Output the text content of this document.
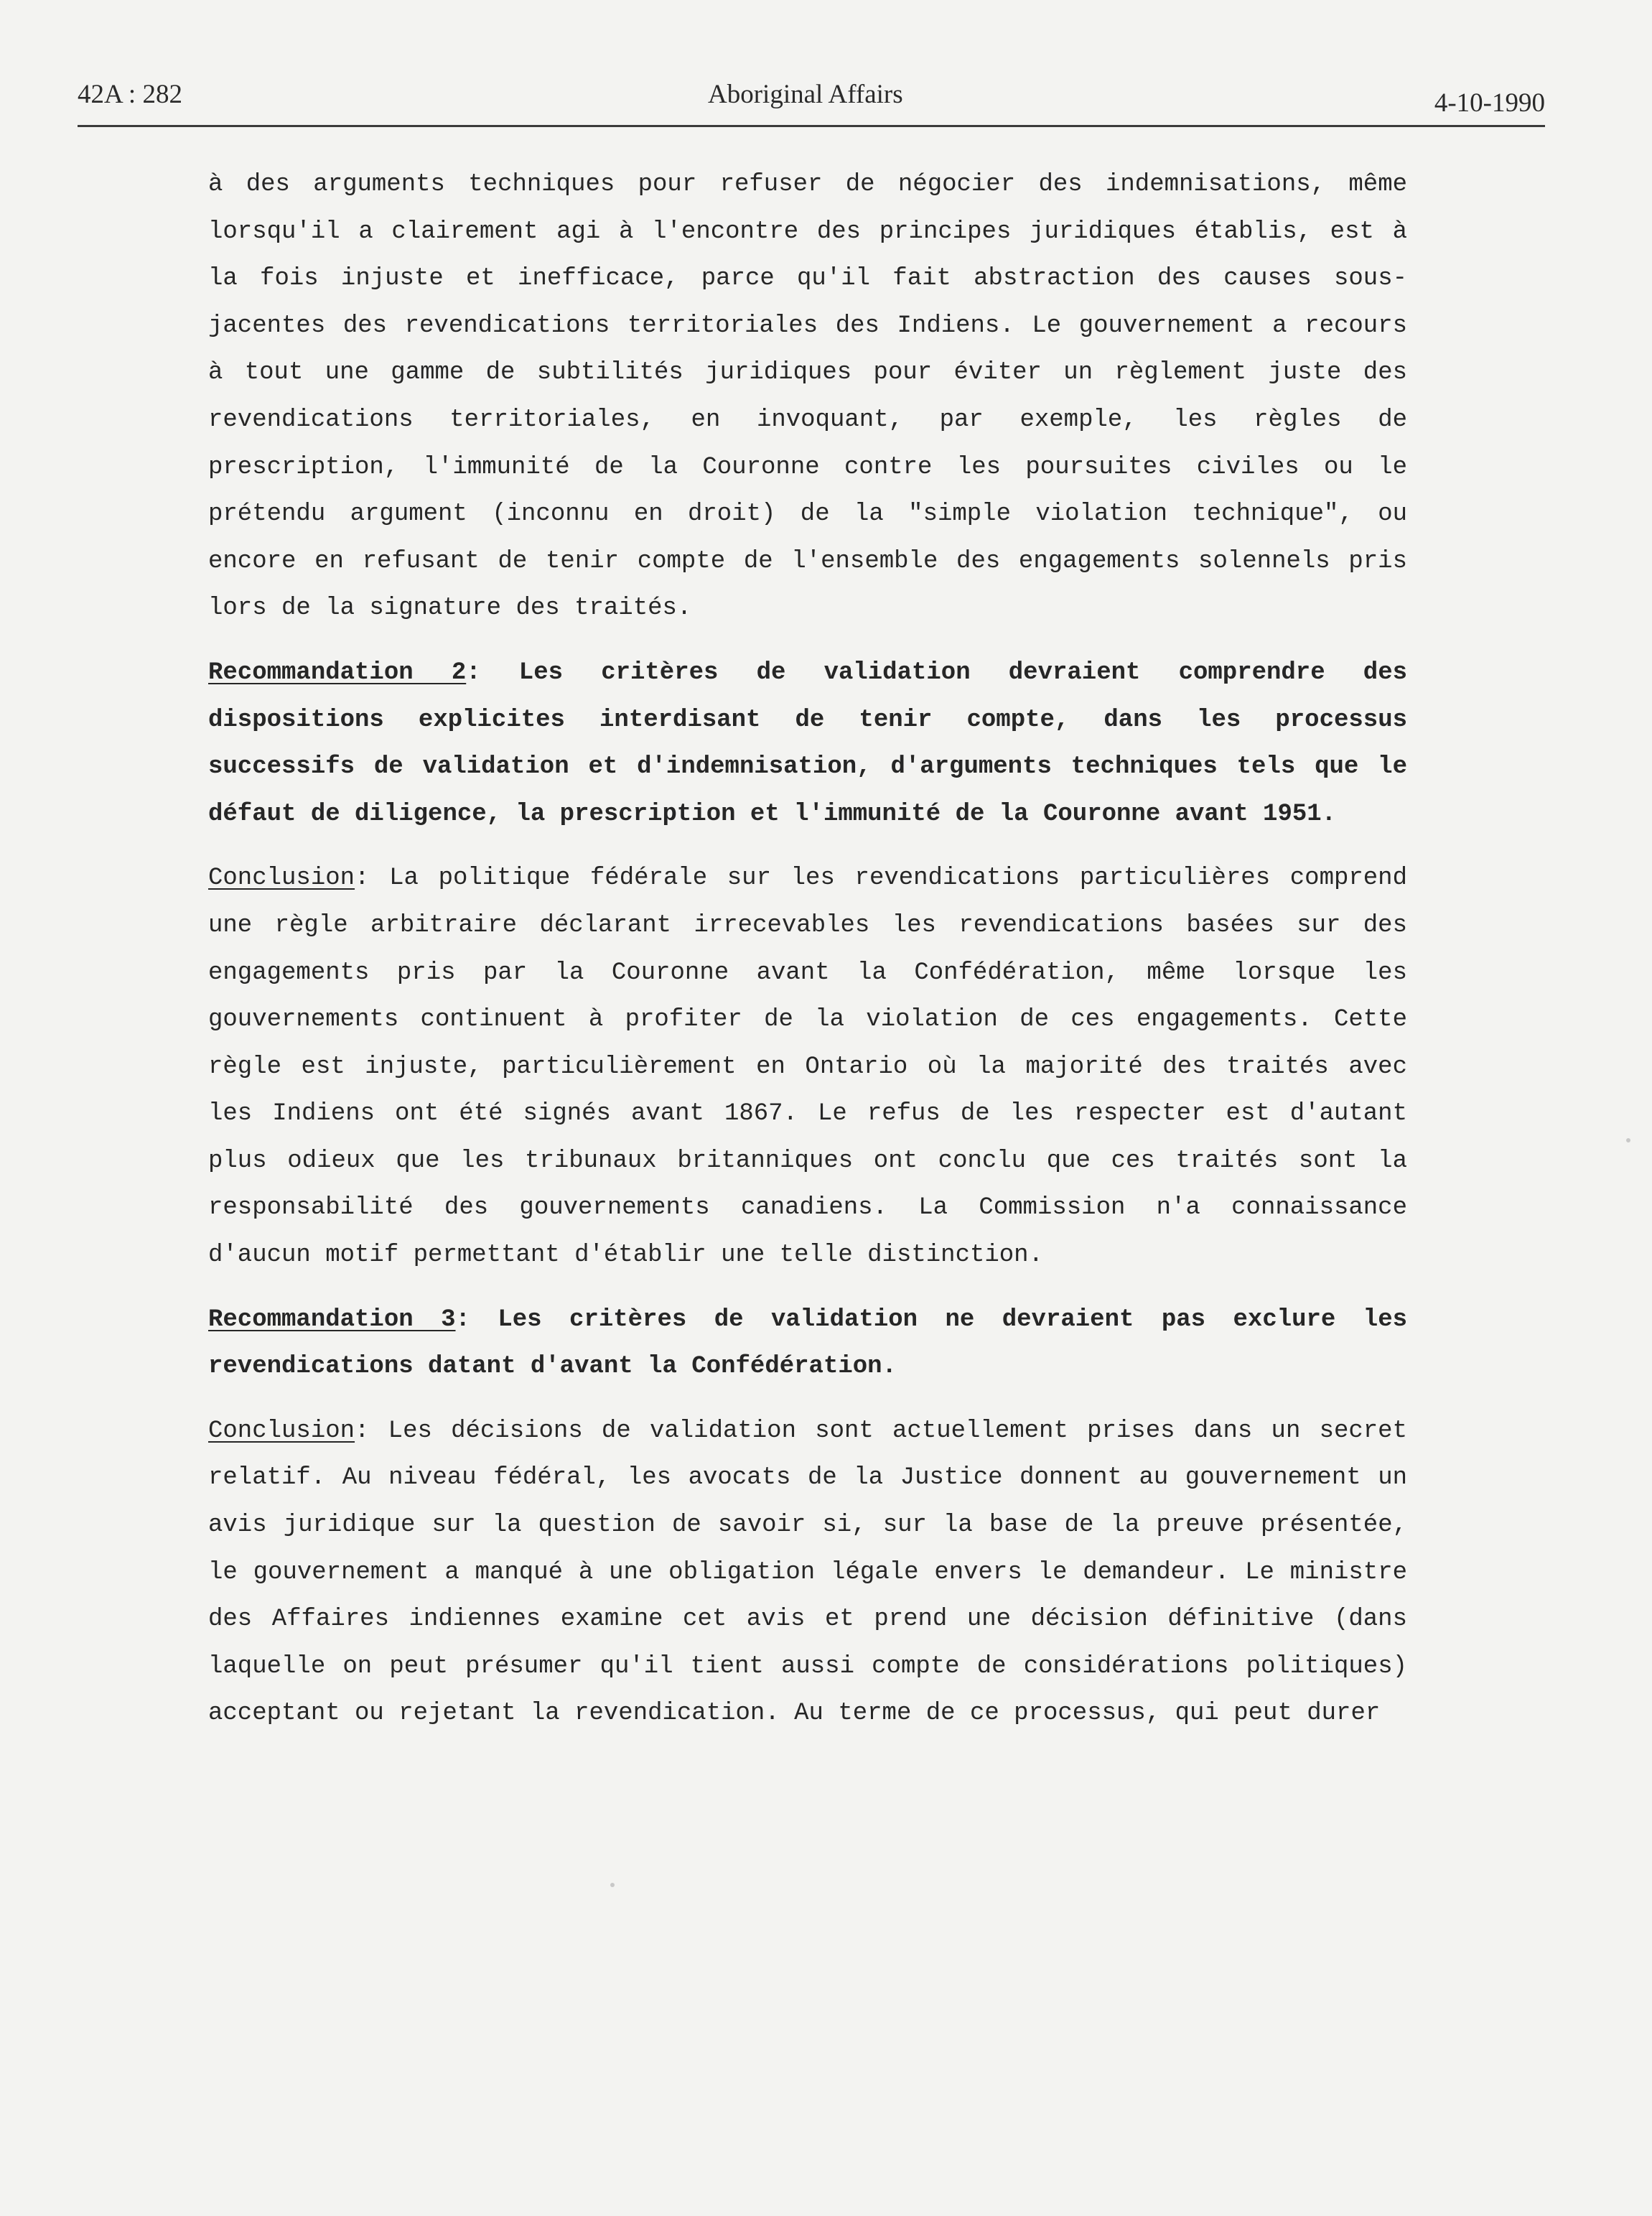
42A : 282	Aboriginal Affairs	4-10-1990

à des arguments techniques pour refuser de négocier des indemnisations, même lorsqu'il a clairement agi à l'encontre des principes juridiques établis, est à la fois injuste et inefficace, parce qu'il fait abstraction des causes sous-jacentes des revendications territoriales des Indiens. Le gouvernement a recours à tout une gamme de subtilités juridiques pour éviter un règlement juste des revendications territoriales, en invoquant, par exemple, les règles de prescription, l'immunité de la Couronne contre les poursuites civiles ou le prétendu argument (inconnu en droit) de la "simple violation technique", ou encore en refusant de tenir compte de l'ensemble des engagements solennels pris lors de la signature des traités.

Recommandation 2: Les critères de validation devraient comprendre des dispositions explicites interdisant de tenir compte, dans les processus successifs de validation et d'indemnisation, d'arguments techniques tels que le défaut de diligence, la prescription et l'immunité de la Couronne avant 1951.

Conclusion: La politique fédérale sur les revendications particulières comprend une règle arbitraire déclarant irrecevables les revendications basées sur des engagements pris par la Couronne avant la Confédération, même lorsque les gouvernements continuent à profiter de la violation de ces engagements. Cette règle est injuste, particulièrement en Ontario où la majorité des traités avec les Indiens ont été signés avant 1867. Le refus de les respecter est d'autant plus odieux que les tribunaux britanniques ont conclu que ces traités sont la responsabilité des gouvernements canadiens. La Commission n'a connaissance d'aucun motif permettant d'établir une telle distinction.

Recommandation 3: Les critères de validation ne devraient pas exclure les revendications datant d'avant la Confédération.

Conclusion: Les décisions de validation sont actuellement prises dans un secret relatif. Au niveau fédéral, les avocats de la Justice donnent au gouvernement un avis juridique sur la question de savoir si, sur la base de la preuve présentée, le gouvernement a manqué à une obligation légale envers le demandeur. Le ministre des Affaires indiennes examine cet avis et prend une décision définitive (dans laquelle on peut présumer qu'il tient aussi compte de considérations politiques) acceptant ou rejetant la revendication. Au terme de ce processus, qui peut durer
